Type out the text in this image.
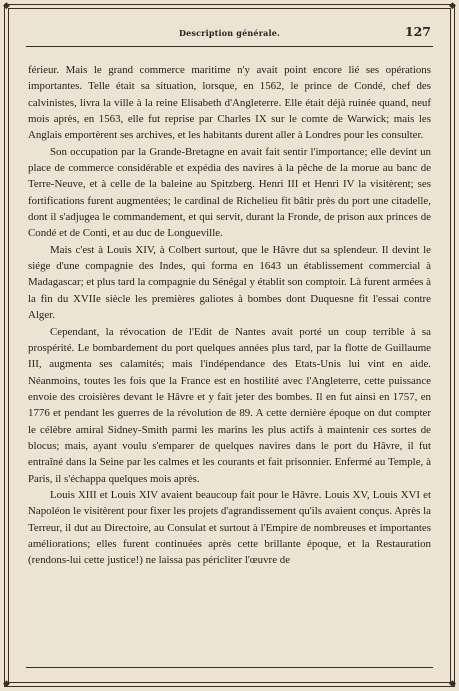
◆	◆
◆	◆
Description générale.	127

férieur. Mais le grand commerce maritime n'y avait point encore lié ses opérations importantes. Telle était sa situation, lorsque, en 1562, le prince de Condé, chef des calvinistes, livra la ville à la reine Elisabeth d'Angleterre. Elle était déjà ruinée quand, neuf mois après, en 1563, elle fut reprise par Charles IX sur le comte de Warwick; mais les Anglais emportèrent ses archives, et les habitants durent aller à Londres pour les consulter.

Son occupation par la Grande-Bretagne en avait fait sentir l'importance; elle devint un place de commerce considérable et expédia des navires à la pêche de la morue au banc de Terre-Neuve, et à celle de la baleine au Spitzberg. Henri III et Henri IV la visitèrent; ses fortifications furent augmentées; le cardinal de Richelieu fit bâtir près du port une citadelle, dont il s'adjugea le commandement, et qui servit, durant la Fronde, de prison aux princes de Condé et de Conti, et au duc de Longueville.

Mais c'est à Louis XIV, à Colbert surtout, que le Hâvre dut sa splendeur. Il devint le siége d'une compagnie des Indes, qui forma en 1643 un établissement commercial à Madagascar; et plus tard la compagnie du Sénégal y établit son comptoir. Là furent armées à la fin du XVIIe siècle les premières galiotes à bombes dont Duquesne fit l'essai contre Alger.

Cependant, la révocation de l'Edit de Nantes avait porté un coup terrible à sa prospérité. Le bombardement du port quelques années plus tard, par la flotte de Guillaume III, augmenta ses calamités; mais l'indépendance des Etats-Unis lui vint en aide. Néanmoins, toutes les fois que la France est en hostilité avec l'Angleterre, cette puissance envoie des croisières devant le Hâvre et y fait jeter des bombes. Il en fut ainsi en 1757, en 1776 et pendant les guerres de la révolution de 89. A cette dernière époque on dut compter le célèbre amiral Sidney-Smith parmi les marins les plus actifs à maintenir ces sortes de blocus; mais, ayant voulu s'emparer de quelques navires dans le port du Hâvre, il fut entraîné dans la Seine par les calmes et les courants et fait prisonnier. Enfermé au Temple, à Paris, il s'échappa quelques mois après.

Louis XIII et Louis XIV avaient beaucoup fait pour le Hâvre. Louis XV, Louis XVI et Napoléon le visitèrent pour fixer les projets d'agrandissement qu'ils avaient conçus. Après la Terreur, il dut au Directoire, au Consulat et surtout à l'Empire de nombreuses et importantes améliorations; elles furent continuées après cette brillante époque, et la Restauration (rendons-lui cette justice!) ne laissa pas péricliter l'œuvre de
